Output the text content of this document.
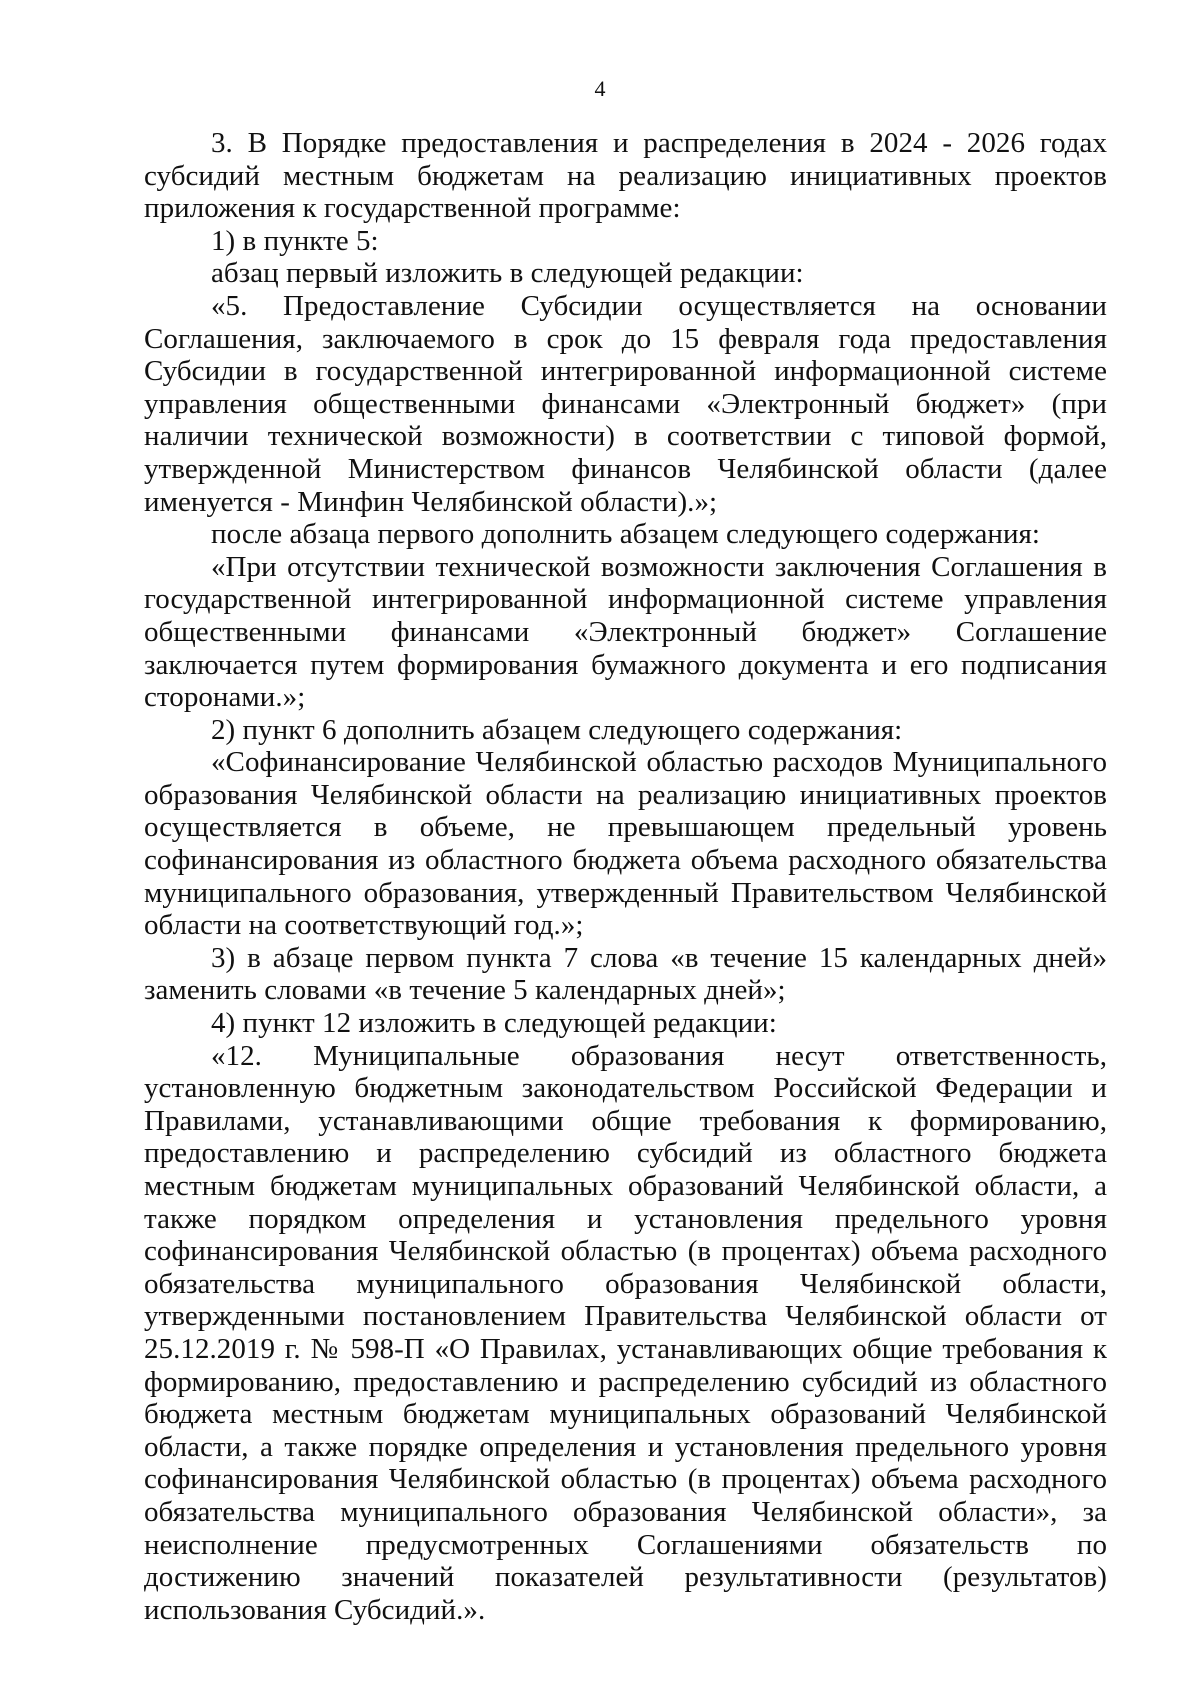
4

3. В Порядке предоставления и распределения в 2024 - 2026 годах субсидий местным бюджетам на реализацию инициативных проектов приложения к государственной программе:

1) в пункте 5:

абзац первый изложить в следующей редакции:

«5. Предоставление Субсидии осуществляется на основании Соглашения, заключаемого в срок до 15 февраля года предоставления Субсидии в государственной интегрированной информационной системе управления общественными финансами «Электронный бюджет» (при наличии технической возможности) в соответствии с типовой формой, утвержденной Министерством финансов Челябинской области (далее именуется - Минфин Челябинской области).»;

после абзаца первого дополнить абзацем следующего содержания:

«При отсутствии технической возможности заключения Соглашения в государственной интегрированной информационной системе управления общественными финансами «Электронный бюджет» Соглашение заключается путем формирования бумажного документа и его подписания сторонами.»;

2) пункт 6 дополнить абзацем следующего содержания:

«Софинансирование Челябинской областью расходов Муниципального образования Челябинской области на реализацию инициативных проектов осуществляется в объеме, не превышающем предельный уровень софинансирования из областного бюджета объема расходного обязательства муниципального образования, утвержденный Правительством Челябинской области на соответствующий год.»;

3) в абзаце первом пункта 7 слова «в течение 15 календарных дней» заменить словами «в течение 5 календарных дней»;

4) пункт 12 изложить в следующей редакции:

«12. Муниципальные образования несут ответственность, установленную бюджетным законодательством Российской Федерации и Правилами, устанавливающими общие требования к формированию, предоставлению и распределению субсидий из областного бюджета местным бюджетам муниципальных образований Челябинской области, а также порядком определения и установления предельного уровня софинансирования Челябинской областью (в процентах) объема расходного обязательства муниципального образования Челябинской области, утвержденными постановлением Правительства Челябинской области от 25.12.2019 г. № 598-П «О Правилах, устанавливающих общие требования к формированию, предоставлению и распределению субсидий из областного бюджета местным бюджетам муниципальных образований Челябинской области, а также порядке определения и установления предельного уровня софинансирования Челябинской областью (в процентах) объема расходного обязательства муниципального образования Челябинской области», за неисполнение предусмотренных Соглашениями обязательств по достижению значений показателей результативности (результатов) использования Субсидий.».
